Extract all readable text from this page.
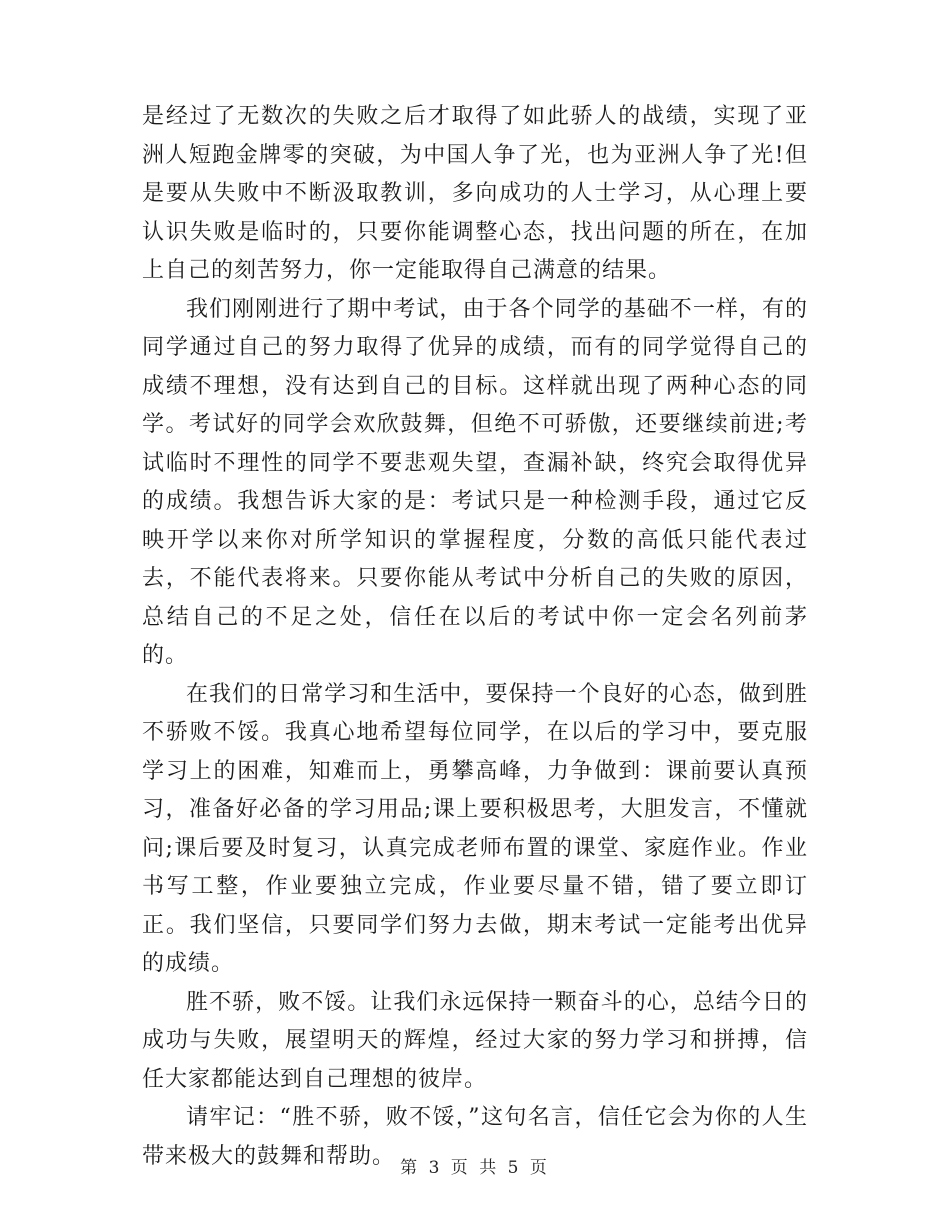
是经过了无数次的失败之后才取得了如此骄人的战绩，实现了亚洲人短跑金牌零的突破，为中国人争了光，也为亚洲人争了光!但是要从失败中不断汲取教训，多向成功的人士学习，从心理上要认识失败是临时的，只要你能调整心态，找出问题的所在，在加上自己的刻苦努力，你一定能取得自己满意的结果。

我们刚刚进行了期中考试，由于各个同学的基础不一样，有的同学通过自己的努力取得了优异的成绩，而有的同学觉得自己的成绩不理想，没有达到自己的目标。这样就出现了两种心态的同学。考试好的同学会欢欣鼓舞，但绝不可骄傲，还要继续前进;考试临时不理性的同学不要悲观失望，查漏补缺，终究会取得优异的成绩。我想告诉大家的是：考试只是一种检测手段，通过它反映开学以来你对所学知识的掌握程度，分数的高低只能代表过去，不能代表将来。只要你能从考试中分析自己的失败的原因，总结自己的不足之处，信任在以后的考试中你一定会名列前茅的。

在我们的日常学习和生活中，要保持一个良好的心态，做到胜不骄败不馁。我真心地希望每位同学，在以后的学习中，要克服学习上的困难，知难而上，勇攀高峰，力争做到：课前要认真预习，准备好必备的学习用品;课上要积极思考，大胆发言，不懂就问;课后要及时复习，认真完成老师布置的课堂、家庭作业。作业书写工整，作业要独立完成，作业要尽量不错，错了要立即订正。我们坚信，只要同学们努力去做，期末考试一定能考出优异的成绩。

胜不骄，败不馁。让我们永远保持一颗奋斗的心，总结今日的成功与失败，展望明天的辉煌，经过大家的努力学习和拼搏，信任大家都能达到自己理想的彼岸。

请牢记：“胜不骄，败不馁，”这句名言，信任它会为你的人生带来极大的鼓舞和帮助。 第 3 页 共 5 页
